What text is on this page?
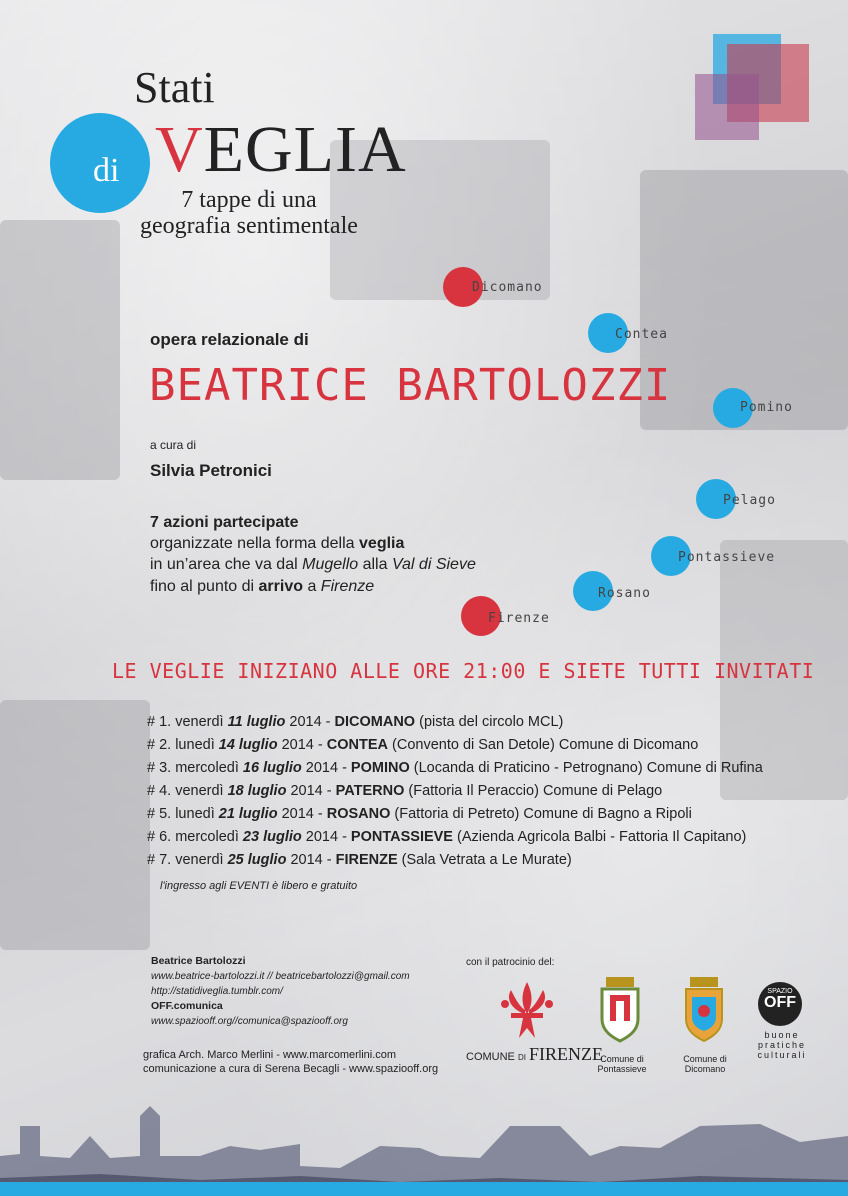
Stati
di VEGLIA
7 tappe di una
geografia sentimentale
Dicomano
Contea
Pomino
Pelago
Pontassieve
Rosano
Firenze
opera relazionale di
BEATRICE BARTOLOZZI
a cura di
Silvia Petronici
7 azioni partecipate
organizzate nella forma della veglia
in un’area che va dal Mugello alla Val di Sieve
fino al punto di arrivo a Firenze
LE VEGLIE INIZIANO ALLE ORE 21:00 E SIETE TUTTI INVITATI
# 1. venerdì 11 luglio 2014 - DICOMANO (pista del circolo MCL)
# 2. lunedì 14 luglio 2014 - CONTEA (Convento di San Detole) Comune di Dicomano
# 3. mercoledì 16 luglio 2014 - POMINO (Locanda di Praticino - Petrognano) Comune di Rufina
# 4. venerdì 18 luglio 2014 - PATERNO (Fattoria Il Peraccio) Comune di Pelago
# 5. lunedì 21 luglio 2014 - ROSANO (Fattoria di Petreto) Comune di Bagno a Ripoli
# 6. mercoledì 23 luglio 2014 - PONTASSIEVE (Azienda Agricola Balbi - Fattoria Il Capitano)
# 7. venerdì 25 luglio 2014 - FIRENZE (Sala Vetrata a Le Murate)
l'ingresso agli EVENTI è libero e gratuito
Beatrice Bartolozzi
www.beatrice-bartolozzi.it // beatricebartolozzi@gmail.com
http://statidiveglia.tumblr.com/
OFF.comunica
www.spaziooff.org//comunica@spaziooff.org
grafica Arch. Marco Merlini - www.marcomerlini.com
comunicazione a cura di Serena Becagli - www.spaziooff.org
con il patrocinio del:
COMUNE DI FIRENZE
Comune di
Pontassieve
Comune di
Dicomano
SPAZIO
OFF
buone
pratiche
culturali
